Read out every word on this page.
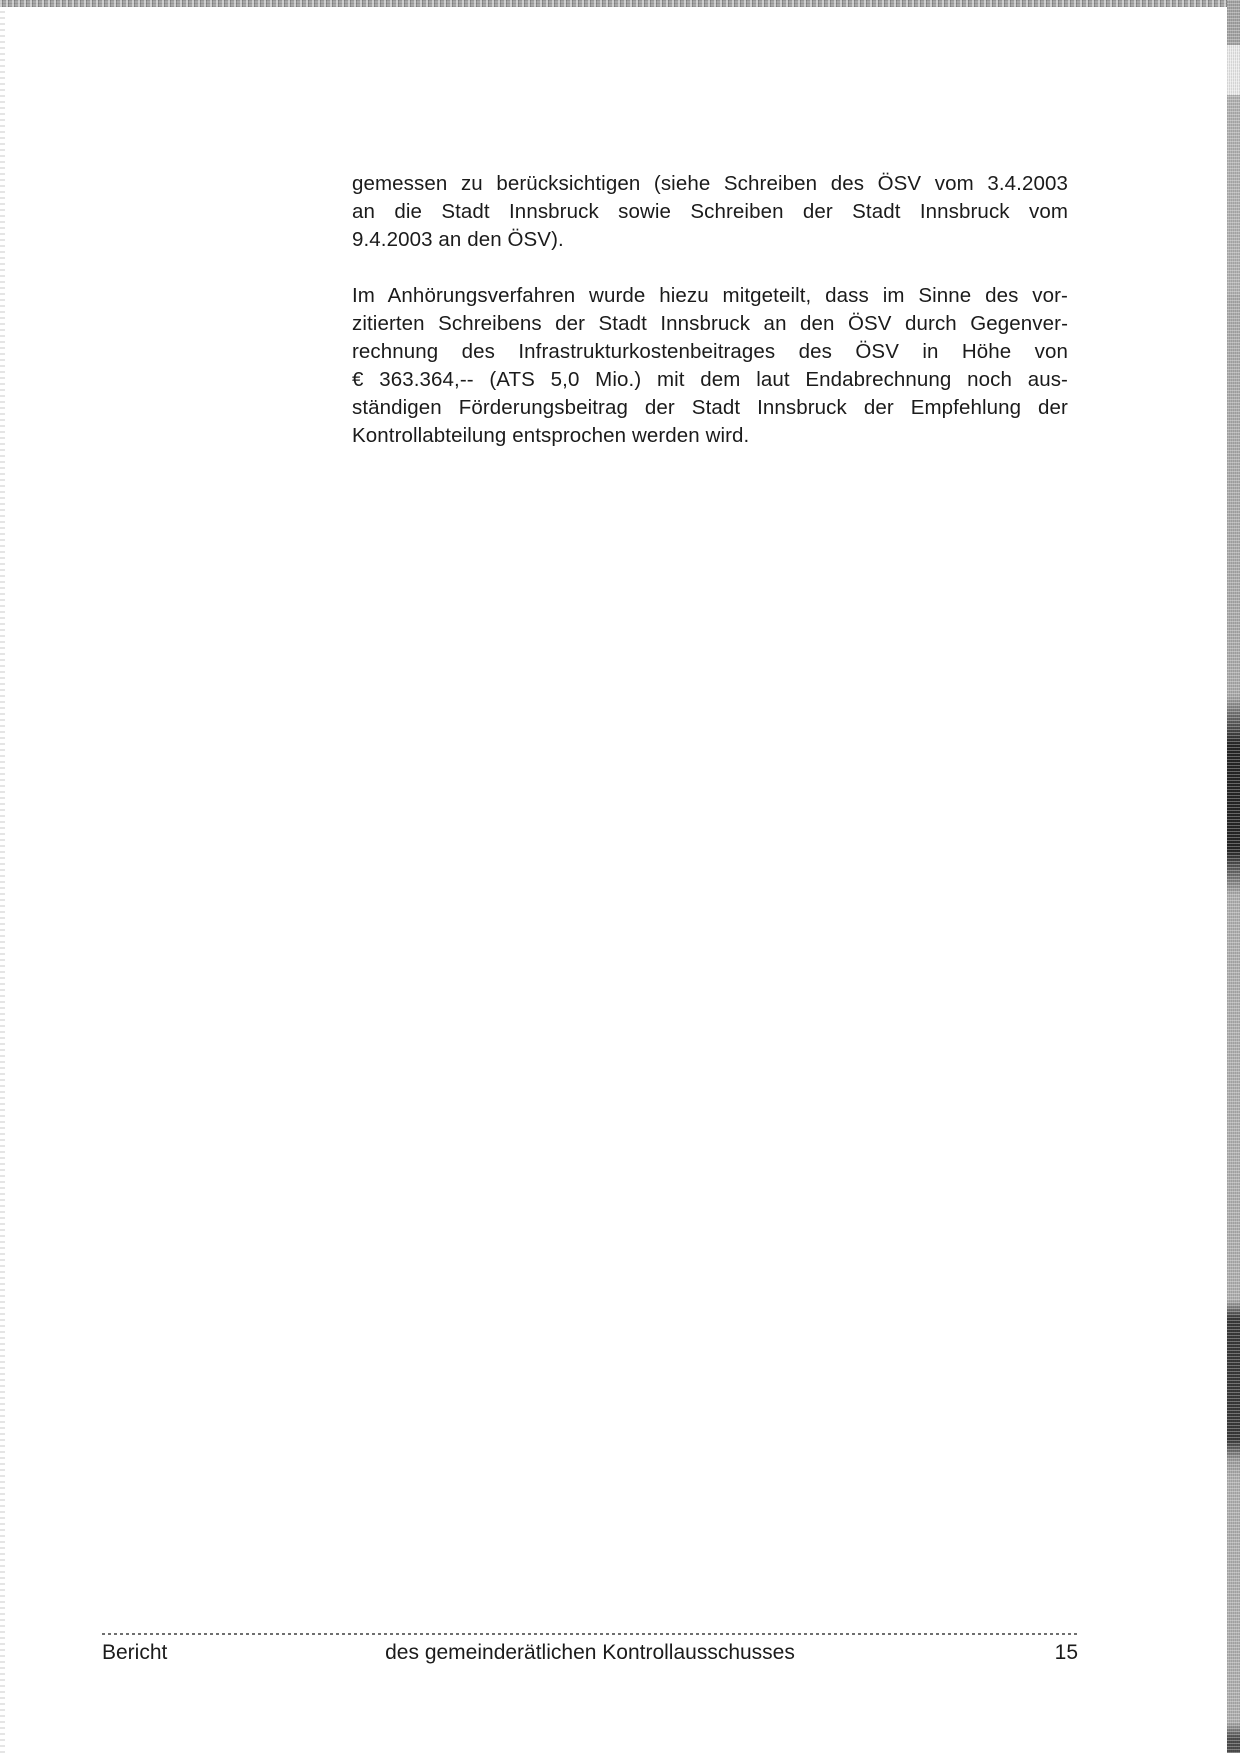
gemessen zu berücksichtigen (siehe Schreiben des ÖSV vom 3.4.2003
an die Stadt Innsbruck sowie Schreiben der Stadt Innsbruck vom
9.4.2003 an den ÖSV).
Im Anhörungsverfahren wurde hiezu mitgeteilt, dass im Sinne des vor-
zitierten Schreibens der Stadt Innsbruck an den ÖSV durch Gegenver-
rechnung des Infrastrukturkostenbeitrages des ÖSV in Höhe von
€ 363.364,-- (ATS 5,0 Mio.) mit dem laut Endabrechnung noch aus-
ständigen Förderungsbeitrag der Stadt Innsbruck der Empfehlung der
Kontrollabteilung entsprochen werden wird.
Bericht	des gemeinderätlichen Kontrollausschusses	15
